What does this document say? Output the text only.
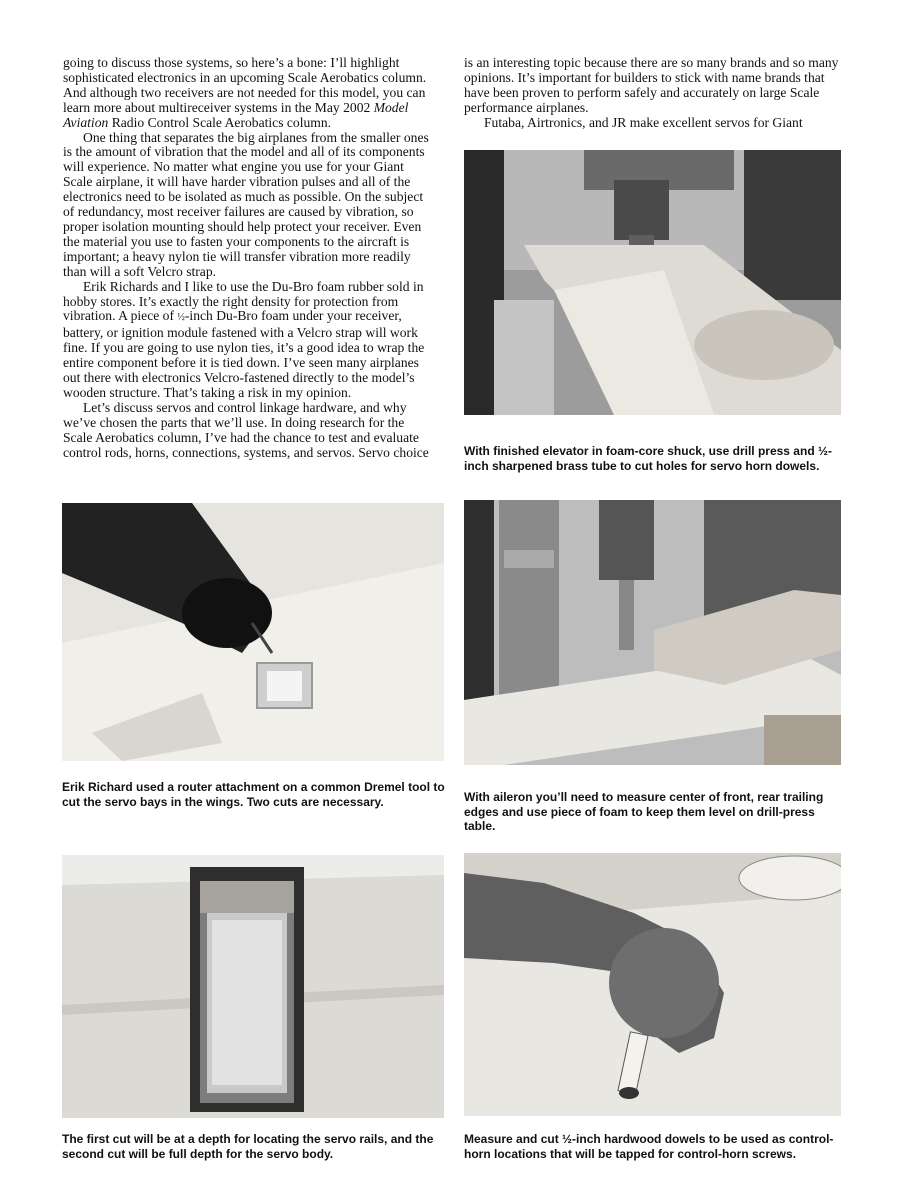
going to discuss those systems, so here’s a bone: I’ll highlight sophisticated electronics in an upcoming Scale Aerobatics column. And although two receivers are not needed for this model, you can learn more about multireceiver systems in the May 2002 Model Aviation Radio Control Scale Aerobatics column.

One thing that separates the big airplanes from the smaller ones is the amount of vibration that the model and all of its components will experience. No matter what engine you use for your Giant Scale airplane, it will have harder vibration pulses and all of the electronics need to be isolated as much as possible. On the subject of redundancy, most receiver failures are caused by vibration, so proper isolation mounting should help protect your receiver. Even the material you use to fasten your components to the aircraft is important; a heavy nylon tie will transfer vibration more readily than will a soft Velcro strap.

Erik Richards and I like to use the Du-Bro foam rubber sold in hobby stores. It’s exactly the right density for protection from vibration. A piece of ½-inch Du-Bro foam under your receiver, battery, or ignition module fastened with a Velcro strap will work fine. If you are going to use nylon ties, it’s a good idea to wrap the entire component before it is tied down. I’ve seen many airplanes out there with electronics Velcro-fastened directly to the model’s wooden structure. That’s taking a risk in my opinion.

Let’s discuss servos and control linkage hardware, and why we’ve chosen the parts that we’ll use. In doing research for the Scale Aerobatics column, I’ve had the chance to test and evaluate control rods, horns, connections, systems, and servos. Servo choice

is an interesting topic because there are so many brands and so many opinions. It’s important for builders to stick with name brands that have been proven to perform safely and accurately on large Scale performance airplanes.

Futaba, Airtronics, and JR make excellent servos for Giant

With finished elevator in foam-core shuck, use drill press and ½-inch sharpened brass tube to cut holes for servo horn dowels.

Erik Richard used a router attachment on a common Dremel tool to cut the servo bays in the wings. Two cuts are necessary.	With aileron you’ll need to measure center of front, rear trailing edges and use piece of foam to keep them level on drill-press table.

The first cut will be at a depth for locating the servo rails, and the second cut will be full depth for the servo body.

Measure and cut ½-inch hardwood dowels to be used as control-horn locations that will be tapped for control-horn screws.
